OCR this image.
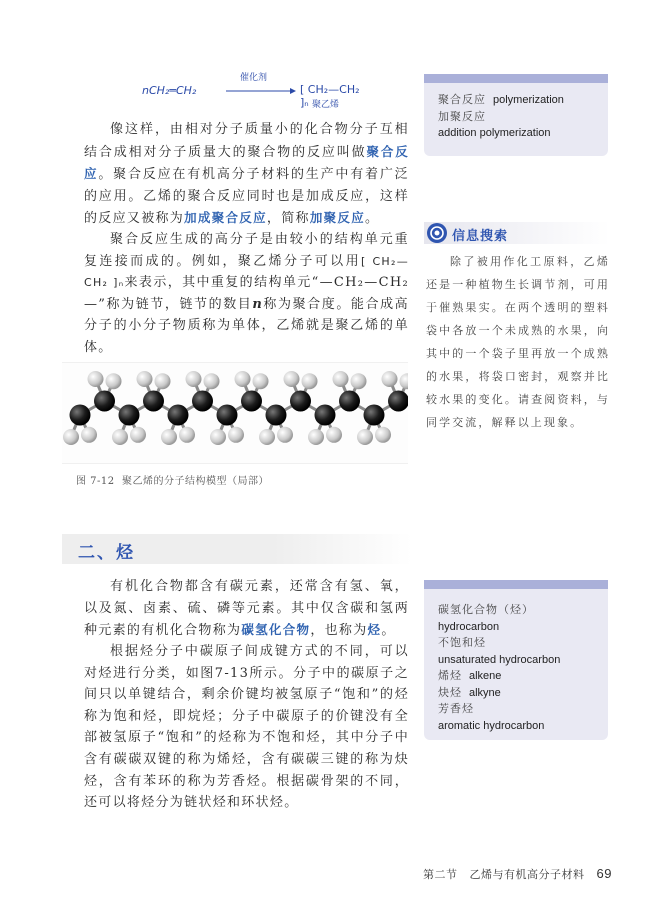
nCH₂═CH₂
催化剂
[ CH₂—CH₂ ]ₙ 聚乙烯

像这样，由相对分子质量小的化合物分子互相结合成相对分子质量大的聚合物的反应叫做聚合反应。聚合反应在有机高分子材料的生产中有着广泛的应用。乙烯的聚合反应同时也是加成反应，这样的反应又被称为加成聚合反应，简称加聚反应。

聚合反应生成的高分子是由较小的结构单元重复连接而成的。例如，聚乙烯分子可以用[ CH₂—CH₂ ]ₙ来表示，其中重复的结构单元“—CH₂—CH₂—”称为链节，链节的数目n称为聚合度。能合成高分子的小分子物质称为单体，乙烯就是聚乙烯的单体。

聚合反应 polymerization
加聚反应
addition polymerization
信息搜索
除了被用作化工原料，乙烯还是一种植物生长调节剂，可用于催熟果实。在两个透明的塑料袋中各放一个未成熟的水果，向其中的一个袋子里再放一个成熟的水果，将袋口密封，观察并比较水果的变化。请查阅资料，与同学交流，解释以上现象。
图 7-12 聚乙烯的分子结构模型（局部）
二、烃

有机化合物都含有碳元素，还常含有氢、氧，以及氮、卤素、硫、磷等元素。其中仅含碳和氢两种元素的有机化合物称为碳氢化合物，也称为烃。

根据烃分子中碳原子间成键方式的不同，可以对烃进行分类，如图7-13所示。分子中的碳原子之间只以单键结合，剩余价键均被氢原子“饱和”的烃称为饱和烃，即烷烃；分子中碳原子的价键没有全部被氢原子“饱和”的烃称为不饱和烃，其中分子中含有碳碳双键的称为烯烃，含有碳碳三键的称为炔烃，含有苯环的称为芳香烃。根据碳骨架的不同，还可以将烃分为链状烃和环状烃。

碳氢化合物（烃）
hydrocarbon
不饱和烃
unsaturated hydrocarbon
烯烃 alkene
炔烃 alkyne
芳香烃
aromatic hydrocarbon
第二节 乙烯与有机高分子材料 69
